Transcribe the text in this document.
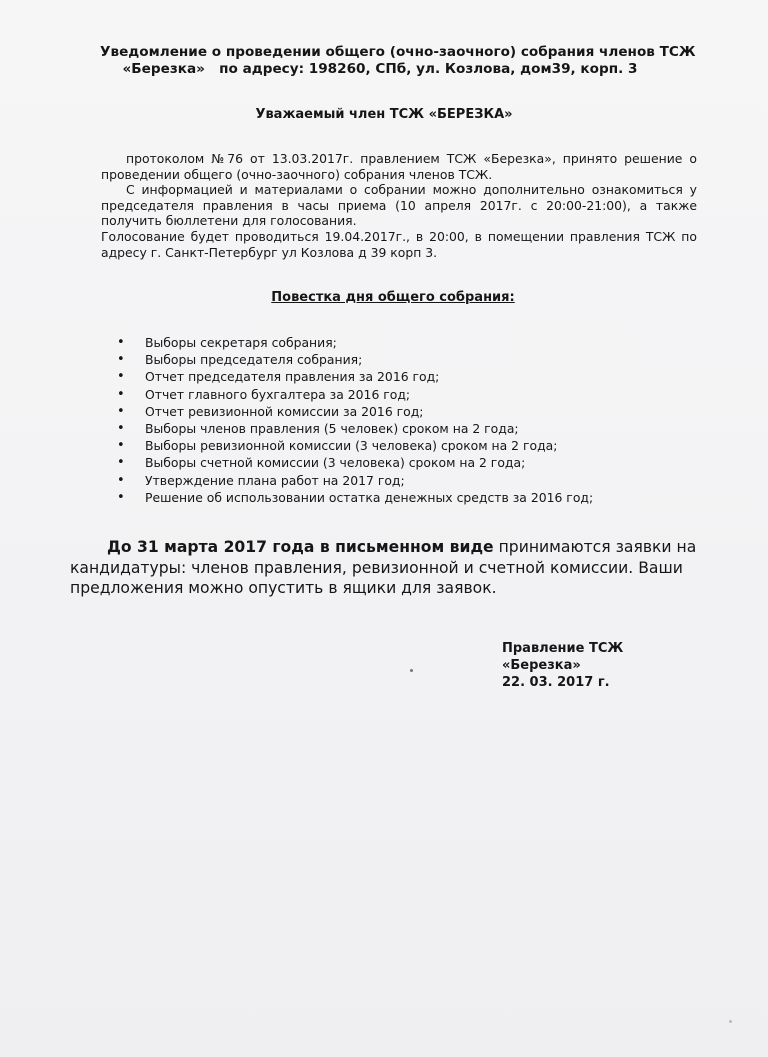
Уведомление о проведении общего (очно-заочного) собрания членов ТСЖ
«Березка»   по адресу: 198260, СПб, ул. Козлова, дом39, корп. 3
Уважаемый член ТСЖ «БЕРЕЗКА»

протоколом №76 от 13.03.2017г. правлением ТСЖ «Березка», принято решение о
проведении общего (очно-заочного) собрания членов ТСЖ.

С информацией и материалами о собрании можно дополнительно ознакомиться у
председателя правления в часы приема (10 апреля 2017г. с 20:00-21:00), а также
получить бюллетени для голосования.

Голосование будет проводиться 19.04.2017г., в 20:00, в помещении правления ТСЖ по
адресу г. Санкт-Петербург ул Козлова д 39 корп 3.

Повестка дня общего собрания:
• Выборы секретаря собрания;
• Выборы председателя собрания;
• Отчет председателя правления за 2016 год;
• Отчет главного бухгалтера за 2016 год;
• Отчет ревизионной комиссии за 2016 год;
• Выборы членов правления (5 человек) сроком на 2 года;
• Выборы ревизионной комиссии (3 человека) сроком на 2 года;
• Выборы счетной комиссии (3 человека) сроком на 2 года;
• Утверждение плана работ на 2017 год;
• Решение об использовании остатка денежных средств за 2016 год;
До 31 марта 2017 года в письменном виде принимаются заявки на
кандидатуры: членов правления, ревизионной и счетной комиссии. Ваши
предложения можно опустить в ящики для заявок.
Правление ТСЖ
«Березка»
22. 03. 2017 г.
